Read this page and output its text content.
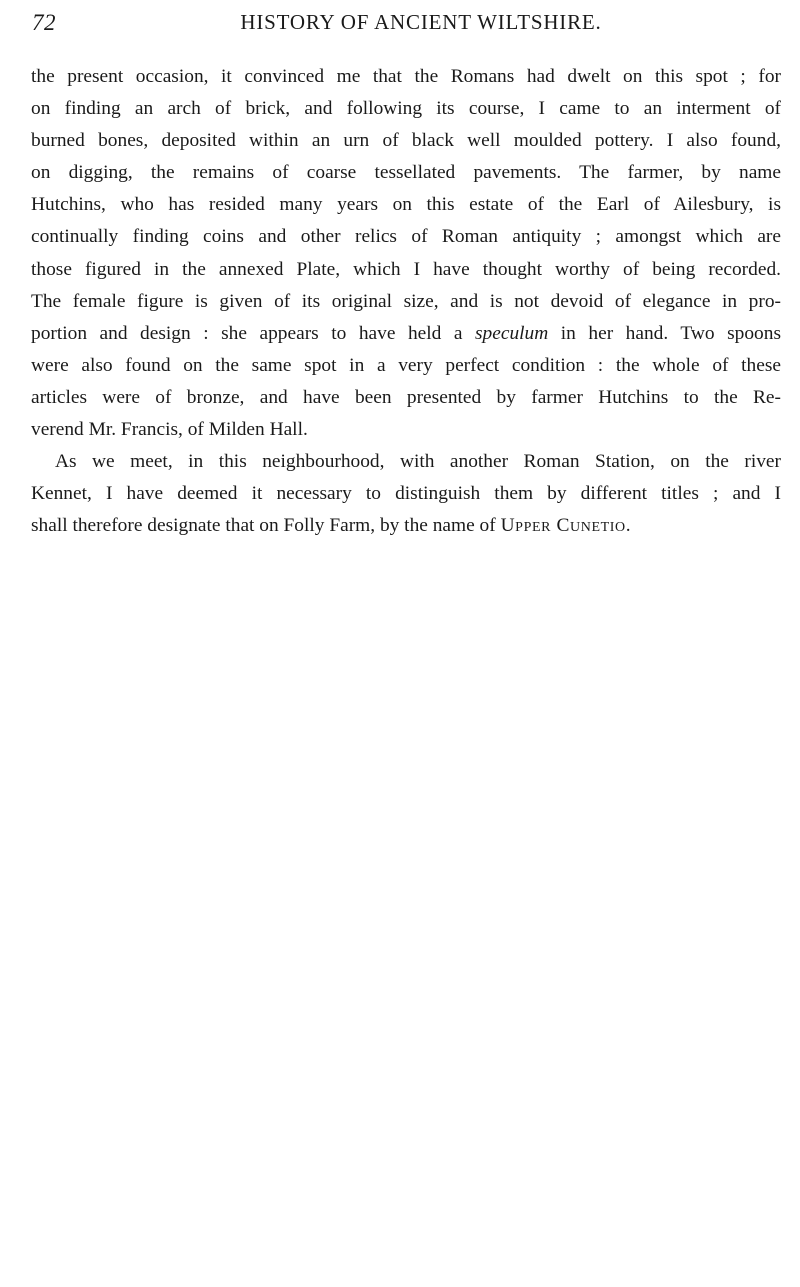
72	HISTORY OF ANCIENT WILTSHIRE.
the present occasion, it convinced me that the Romans had dwelt on this spot ; for
on finding an arch of brick, and following its course, I came to an interment of
burned bones, deposited within an urn of black well moulded pottery. I also found,
on digging, the remains of coarse tessellated pavements. The farmer, by name
Hutchins, who has resided many years on this estate of the Earl of Ailesbury, is
continually finding coins and other relics of Roman antiquity ; amongst which are
those figured in the annexed Plate, which I have thought worthy of being recorded.
The female figure is given of its original size, and is not devoid of elegance in pro-
portion and design : she appears to have held a speculum in her hand. Two spoons
were also found on the same spot in a very perfect condition : the whole of these
articles were of bronze, and have been presented by farmer Hutchins to the Re-
verend Mr. Francis, of Milden Hall.
As we meet, in this neighbourhood, with another Roman Station, on the river
Kennet, I have deemed it necessary to distinguish them by different titles ; and I
shall therefore designate that on Folly Farm, by the name of Upper Cunetio.
